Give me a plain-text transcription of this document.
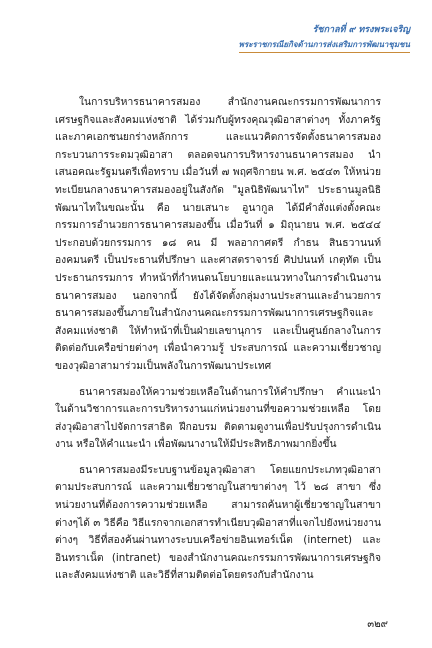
รัชกาลที่ ๙ ทรงพระเจริญ
พระราชกรณียกิจด้านการส่งเสริมการพัฒนาชุมชน

ในการบริหารธนาคารสมอง สำนักงานคณะกรรมการพัฒนาการเศรษฐกิจและสังคมแห่งชาติ ได้ร่วมกับผู้ทรงคุณวุฒิอาสาต่างๆ ทั้งภาครัฐและภาคเอกชนยกร่างหลักการ และแนวคิดการจัดตั้งธนาคารสมอง กระบวนการระดมวุฒิอาสา ตลอดจนการบริหารงานธนาคารสมอง นำเสนอคณะรัฐมนตรีเพื่อทราบ เมื่อวันที่ ๗ พฤศจิกายน พ.ศ. ๒๕๔๓ ให้หน่วยทะเบียนกลางธนาคารสมองอยู่ในสังกัด "มูลนิธิพัฒนาไท" ประธานมูลนิธิพัฒนาไทในขณะนั้น คือ นายเสนาะ อูนากูล ได้มีคำสั่งแต่งตั้งคณะกรรมการอำนวยการธนาคารสมองขึ้น เมื่อวันที่ ๑ มิถุนายน พ.ศ. ๒๕๔๔ ประกอบด้วยกรรมการ ๑๘ คน มี พลอากาศตรี กำธน สินธวานนท์ องคมนตรี เป็นประธานที่ปรึกษา และศาสตราจารย์ ศิปปนนท์ เกตุทัต เป็นประธานกรรมการ ทำหน้าที่กำหนดนโยบายและแนวทางในการดำเนินงานธนาคารสมอง นอกจากนี้ ยังได้จัดตั้งกลุ่มงานประสานและอำนวยการธนาคารสมองขึ้นภายในสำนักงานคณะกรรมการพัฒนาการเศรษฐกิจและสังคมแห่งชาติ ให้ทำหน้าที่เป็นฝ่ายเลขานุการ และเป็นศูนย์กลางในการติดต่อกับเครือข่ายต่างๆ เพื่อนำความรู้ ประสบการณ์ และความเชี่ยวชาญของวุฒิอาสามาร่วมเป็นพลังในการพัฒนาประเทศ

ธนาคารสมองให้ความช่วยเหลือในด้านการให้คำปรึกษา คำแนะนำในด้านวิชาการและการบริหารงานแก่หน่วยงานที่ขอความช่วยเหลือ โดยส่งวุฒิอาสาไปจัดการสาธิต ฝึกอบรม ติดตามดูงานเพื่อปรับปรุงการดำเนินงาน หรือให้คำแนะนำ เพื่อพัฒนางานให้มีประสิทธิภาพมากยิ่งขึ้น

ธนาคารสมองมีระบบฐานข้อมูลวุฒิอาสา โดยแยกประเภทวุฒิอาสาตามประสบการณ์ และความเชี่ยวชาญในสาขาต่างๆ ไว้ ๒๘ สาขา ซึ่งหน่วยงานที่ต้องการความช่วยเหลือ สามารถค้นหาผู้เชี่ยวชาญในสาขาต่างๆได้ ๓ วิธีคือ วิธีแรกจากเอกสารทำเนียบวุฒิอาสาที่แจกไปยังหน่วยงานต่างๆ วิธีที่สองค้นผ่านทางระบบเครือข่ายอินเทอร์เน็ต (internet) และอินทราเน็ต (intranet) ของสำนักงานคณะกรรมการพัฒนาการเศรษฐกิจและสังคมแห่งชาติ และวิธีที่สามติดต่อโดยตรงกับสำนักงาน

๓๒๙
